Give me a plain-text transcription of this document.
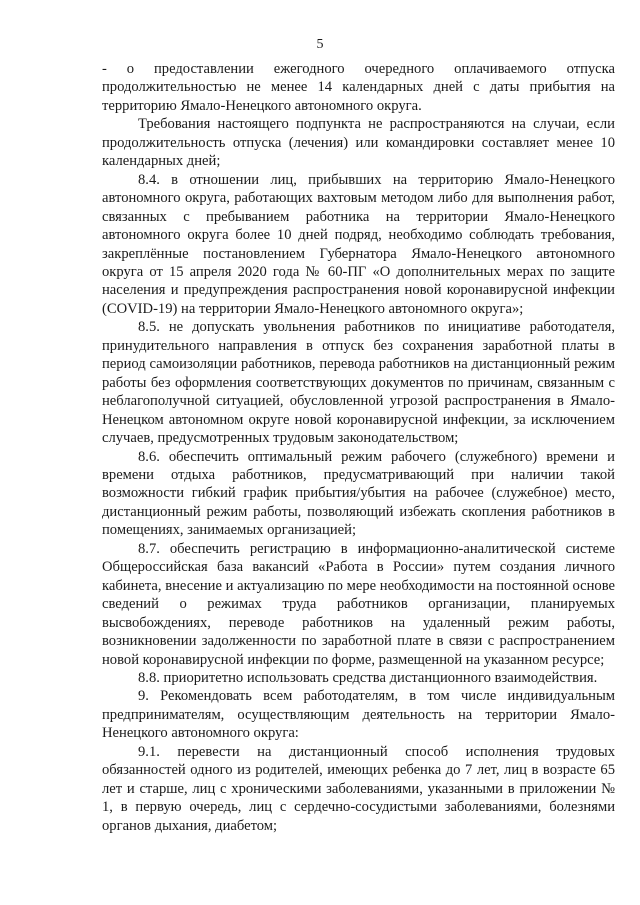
5

- о предоставлении ежегодного очередного оплачиваемого отпуска продолжительностью не менее 14 календарных дней с даты прибытия на территорию Ямало-Ненецкого автономного округа.

Требования настоящего подпункта не распространяются на случаи, если продолжительность отпуска (лечения) или командировки составляет менее 10 календарных дней;

8.4. в отношении лиц, прибывших на территорию Ямало-Ненецкого автономного округа, работающих вахтовым методом либо для выполнения работ, связанных с пребыванием работника на территории Ямало-Ненецкого автономного округа более 10 дней подряд, необходимо соблюдать требования, закреплённые постановлением Губернатора Ямало-Ненецкого автономного округа от 15 апреля 2020 года № 60-ПГ «О дополнительных мерах по защите населения и предупреждения распространения новой коронавирусной инфекции (COVID-19) на территории Ямало-Ненецкого автономного округа»;

8.5. не допускать увольнения работников по инициативе работодателя, принудительного направления в отпуск без сохранения заработной платы в период самоизоляции работников, перевода работников на дистанционный режим работы без оформления соответствующих документов по причинам, связанным с неблагополучной ситуацией, обусловленной угрозой распространения в Ямало-Ненецком автономном округе новой коронавирусной инфекции, за исключением случаев, предусмотренных трудовым законодательством;

8.6. обеспечить оптимальный режим рабочего (служебного) времени и времени отдыха работников, предусматривающий при наличии такой возможности гибкий график прибытия/убытия на рабочее (служебное) место, дистанционный режим работы, позволяющий избежать скопления работников в помещениях, занимаемых организацией;

8.7. обеспечить регистрацию в информационно-аналитической системе Общероссийская база вакансий «Работа в России» путем создания личного кабинета, внесение и актуализацию по мере необходимости на постоянной основе сведений о режимах труда работников организации, планируемых высвобождениях, переводе работников на удаленный режим работы, возникновении задолженности по заработной плате в связи с распространением новой коронавирусной инфекции по форме, размещенной на указанном ресурсе;

8.8. приоритетно использовать средства дистанционного взаимодействия.

9. Рекомендовать всем работодателям, в том числе индивидуальным предпринимателям, осуществляющим деятельность на территории Ямало-Ненецкого автономного округа:

9.1. перевести на дистанционный способ исполнения трудовых обязанностей одного из родителей, имеющих ребенка до 7 лет, лиц в возрасте 65 лет и старше, лиц с хроническими заболеваниями, указанными в приложении № 1, в первую очередь, лиц с сердечно-сосудистыми заболеваниями, болезнями органов дыхания, диабетом;
